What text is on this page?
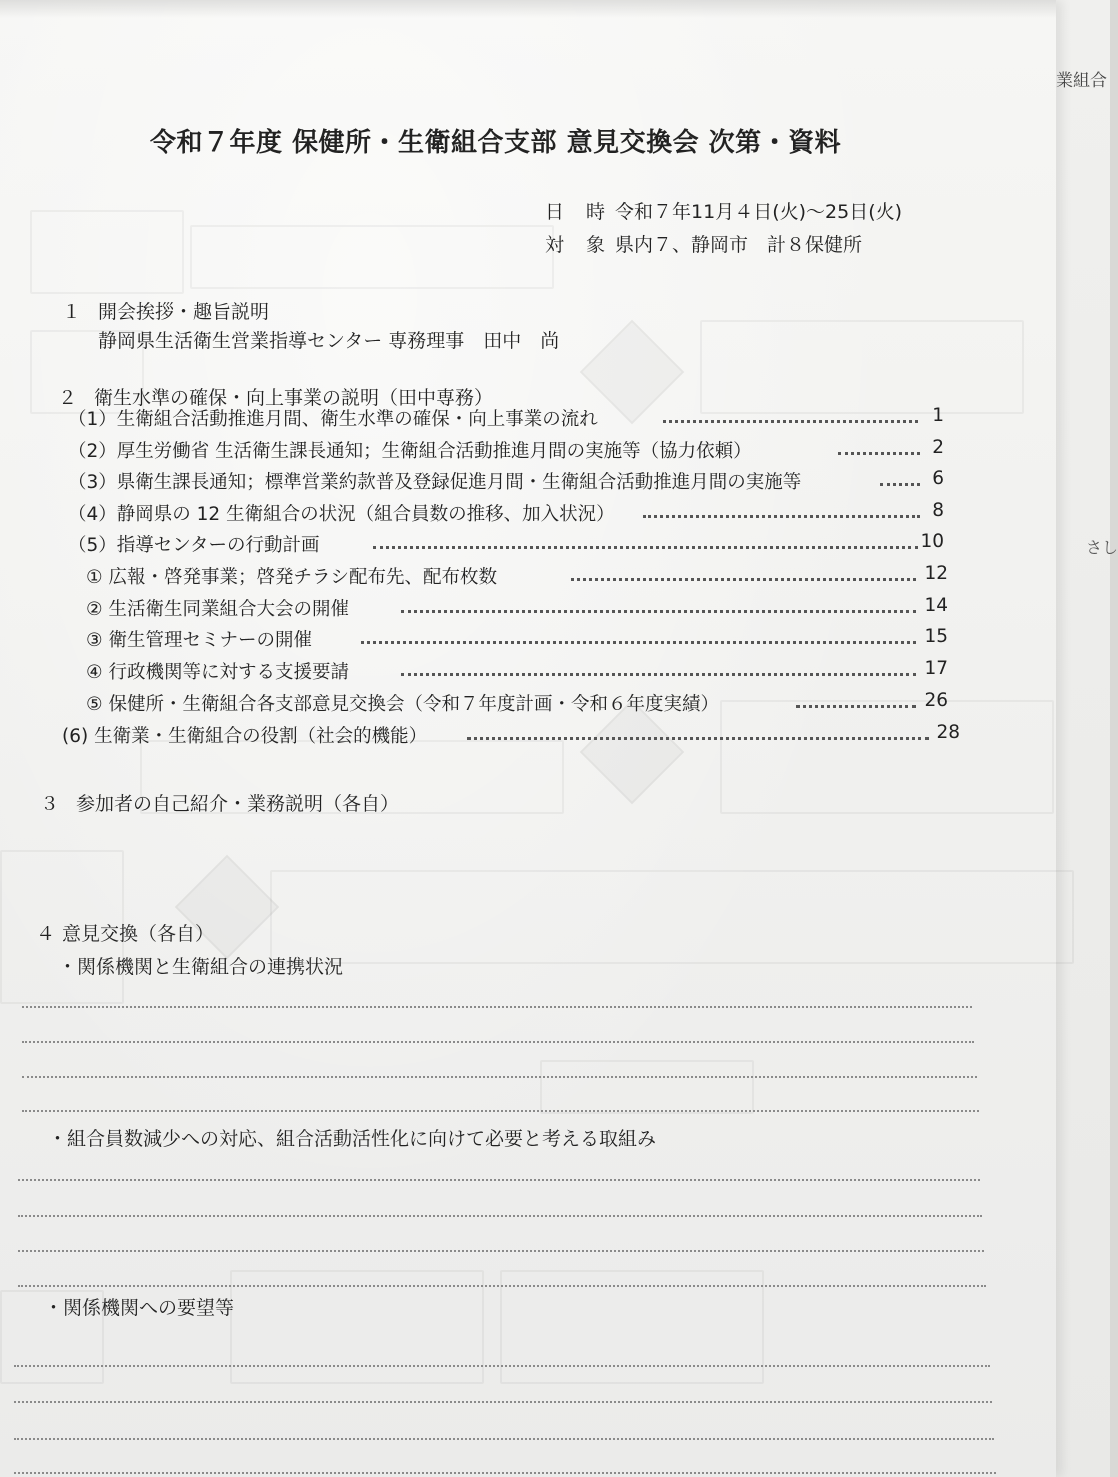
業組合
さし
令和７年度 保健所・生衛組合支部 意見交換会 次第・資料
日 時 令和７年11月４日(火)～25日(火)
対 象 県内７、静岡市　計８保健所
１ 開会挨拶・趣旨説明
静岡県生活衛生営業指導センター 専務理事　田中　尚
２ 衛生水準の確保・向上事業の説明（田中専務）
（1）生衛組合活動推進月間、衛生水準の確保・向上事業の流れ	1
（2）厚生労働省 生活衛生課長通知；生衛組合活動推進月間の実施等（協力依頼）	2
（3）県衛生課長通知；標準営業約款普及登録促進月間・生衛組合活動推進月間の実施等	6
（4）静岡県の 12 生衛組合の状況（組合員数の推移、加入状況）	8
（5）指導センターの行動計画	10
① 広報・啓発事業；啓発チラシ配布先、配布枚数	12
② 生活衛生同業組合大会の開催	14
③ 衛生管理セミナーの開催	15
④ 行政機関等に対する支援要請	17
⑤ 保健所・生衛組合各支部意見交換会（令和７年度計画・令和６年度実績）	26
(6) 生衛業・生衛組合の役割（社会的機能）	28
３ 参加者の自己紹介・業務説明（各自）
４ 意見交換（各自）
・関係機関と生衛組合の連携状況
・組合員数減少への対応、組合活動活性化に向けて必要と考える取組み
・関係機関への要望等
